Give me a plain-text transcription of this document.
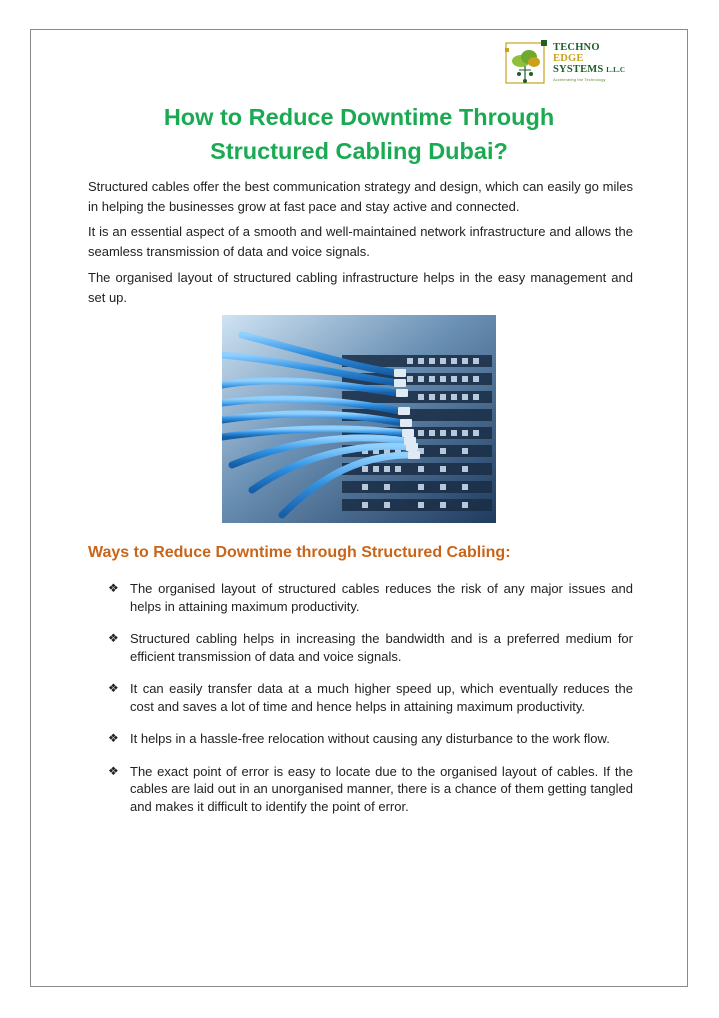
TECHNO
EDGE
SYSTEMS L.L.C
Accelerating the Technology
How to Reduce Downtime Through
Structured Cabling Dubai?

Structured cables offer the best communication strategy and design, which can easily go miles in helping the businesses grow at fast pace and stay active and connected.

It is an essential aspect of a smooth and well-maintained network infrastructure and allows the seamless transmission of data and voice signals.

The organised layout of structured cabling infrastructure helps in the easy management and set up.

Ways to Reduce Downtime through Structured Cabling:
❖ The organised layout of structured cables reduces the risk of any major issues and helps in attaining maximum productivity.
❖ Structured cabling helps in increasing the bandwidth and is a preferred medium for efficient transmission of data and voice signals.
❖ It can easily transfer data at a much higher speed up, which eventually reduces the cost and saves a lot of time and hence helps in attaining maximum productivity.
❖ It helps in a hassle-free relocation without causing any disturbance to the work flow.
❖ The exact point of error is easy to locate due to the organised layout of cables. If the cables are laid out in an unorganised manner, there is a chance of them getting tangled and makes it difficult to identify the point of error.
